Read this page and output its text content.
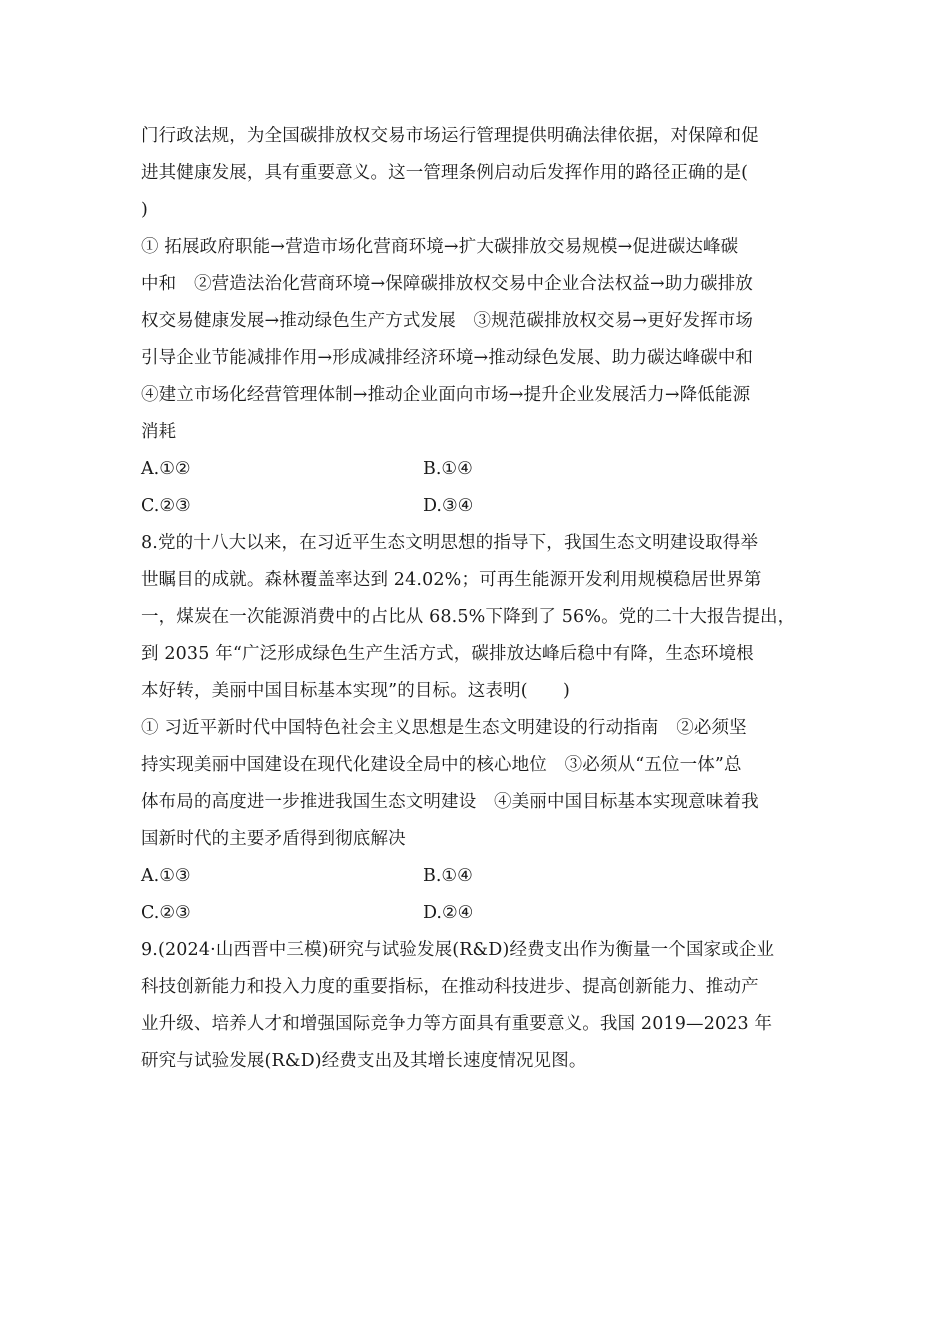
门行政法规，为全国碳排放权交易市场运行管理提供明确法律依据，对保障和促
进其健康发展，具有重要意义。这一管理条例启动后发挥作用的路径正确的是(
)
① 拓展政府职能→营造市场化营商环境→扩大碳排放交易规模→促进碳达峰碳
中和　②营造法治化营商环境→保障碳排放权交易中企业合法权益→助力碳排放
权交易健康发展→推动绿色生产方式发展　③规范碳排放权交易→更好发挥市场
引导企业节能减排作用→形成减排经济环境→推动绿色发展、助力碳达峰碳中和
④建立市场化经营管理体制→推动企业面向市场→提升企业发展活力→降低能源
消耗
A.①②	B.①④
C.②③	D.③④
8.党的十八大以来，在习近平生态文明思想的指导下，我国生态文明建设取得举
世瞩目的成就。森林覆盖率达到 24.02%；可再生能源开发利用规模稳居世界第
一，煤炭在一次能源消费中的占比从 68.5%下降到了 56%。党的二十大报告提出，
到 2035 年“广泛形成绿色生产生活方式，碳排放达峰后稳中有降，生态环境根
本好转，美丽中国目标基本实现”的目标。这表明(　　)
① 习近平新时代中国特色社会主义思想是生态文明建设的行动指南　②必须坚
持实现美丽中国建设在现代化建设全局中的核心地位　③必须从“五位一体”总
体布局的高度进一步推进我国生态文明建设　④美丽中国目标基本实现意味着我
国新时代的主要矛盾得到彻底解决
A.①③	B.①④
C.②③	D.②④
9.(2024·山西晋中三模)研究与试验发展(R&D)经费支出作为衡量一个国家或企业
科技创新能力和投入力度的重要指标，在推动科技进步、提高创新能力、推动产
业升级、培养人才和增强国际竞争力等方面具有重要意义。我国 2019—2023 年
研究与试验发展(R&D)经费支出及其增长速度情况见图。
